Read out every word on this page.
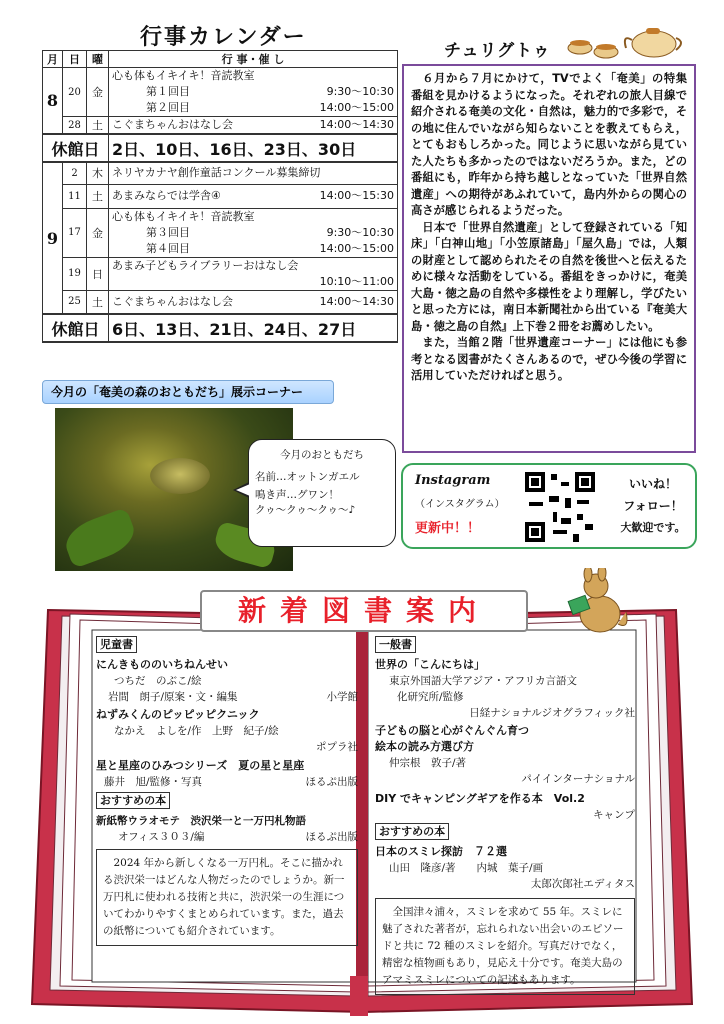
行事カレンダー
月	日	曜	行 事・催 し
8	20	金	心も体もイキイキ！音読教室
第１回目 9:30～10:30
第２回目 14:00～15:00

	28	土	こぐまちゃんおはなし会 14:00～14:30

休館日			2日、10日、16日、23日、30日
9	2	木	ネリヤカナヤ創作童話コンクール募集締切
	11	土	あまみならでは学舎④ 14:00～15:30

	17	金	心も体もイキイキ！音読教室
第３回目 9:30～10:30
第４回目 14:00～15:00

	19	日	あまみ子どもライブラリーおはなし会
10:10～11:00

	25	土	こぐまちゃんおはなし会 14:00～14:30

休館日			6日、13日、21日、24日、27日
今月の「奄美の森のおともだち」展示コーナー
今月のおともだち
名前…オットンガエル
鳴き声…グワン！
クゥ～クゥ～クゥ～♪
チュリグトゥ

６月から７月にかけて，TVでよく「奄美」の特集番組を見かけるようになった。それぞれの旅人目線で紹介される奄美の文化・自然は，魅力的で多彩で，その地に住んでいながら知らないことを教えてもらえ，とてもおもしろかった。同じように思いながら見ていた人たちも多かったのではないだろうか。また，どの番組にも，昨年から持ち越しとなっていた「世界自然遺産」への期待があふれていて，島内外からの関心の高さが感じられるようだった。

日本で「世界自然遺産」として登録されている「知床」「白神山地」「小笠原諸島」「屋久島」では，人類の財産として認められたその自然を後世へと伝えるために様々な活動をしている。番組をきっかけに，奄美大島・徳之島の自然や多様性をより理解し，学びたいと思った方には，南日本新聞社から出ている『奄美大島・徳之島の自然』上下巻２冊をお薦めしたい。

また，当館２階「世界遺産コーナー」には他にも参考となる図書がたくさんあるので，ぜひ今後の学習に活用していただければと思う。

Instagram
（インスタグラム）
更新中！！
いいね！
フォロー！
大歓迎です。
新着図書案内
児童書
にんきもののいちねんせい
つちだ　のぶこ/絵
岩間　朗子/原案・文・編集	小学館
ねずみくんのピッピッピクニック
なかえ　よしを/作　上野　紀子/絵
ポプラ社
星と星座のひみつシリーズ　夏の星と星座
藤井　旭/監修・写真	ほるぷ出版
おすすめの本
新紙幣ウラオモテ　渋沢栄一と一万円札物語
オフィス３０３/編	ほるぷ出版
2024 年から新しくなる一万円札。そこに描かれる渋沢栄一はどんな人物だったのでしょうか。新一万円札に使われる技術と共に，渋沢栄一の生涯についてわかりやすくまとめられています。また，過去の紙幣についても紹介されています。
一般書
世界の「こんにちは」
東京外国語大学アジア・アフリカ言語文
化研究所/監修
日経ナショナルジオグラフィック社
子どもの脳と心がぐんぐん育つ
絵本の読み方選び方
仲宗根　敦子/著
パイインターナショナル
DIY でキャンピングギアを作る本　Vol.2
キャンプ
おすすめの本
日本のスミレ探訪　７２選
山田　隆彦/著　　内城　葉子/画
太郎次郎社エディタス
全国津々浦々，スミレを求めて 55 年。スミレに魅了された著者が，忘れられない出会いのエピソードと共に 72 種のスミレを紹介。写真だけでなく，精密な植物画もあり，見応え十分です。奄美大島のアマミスミレについての記述もあります。
